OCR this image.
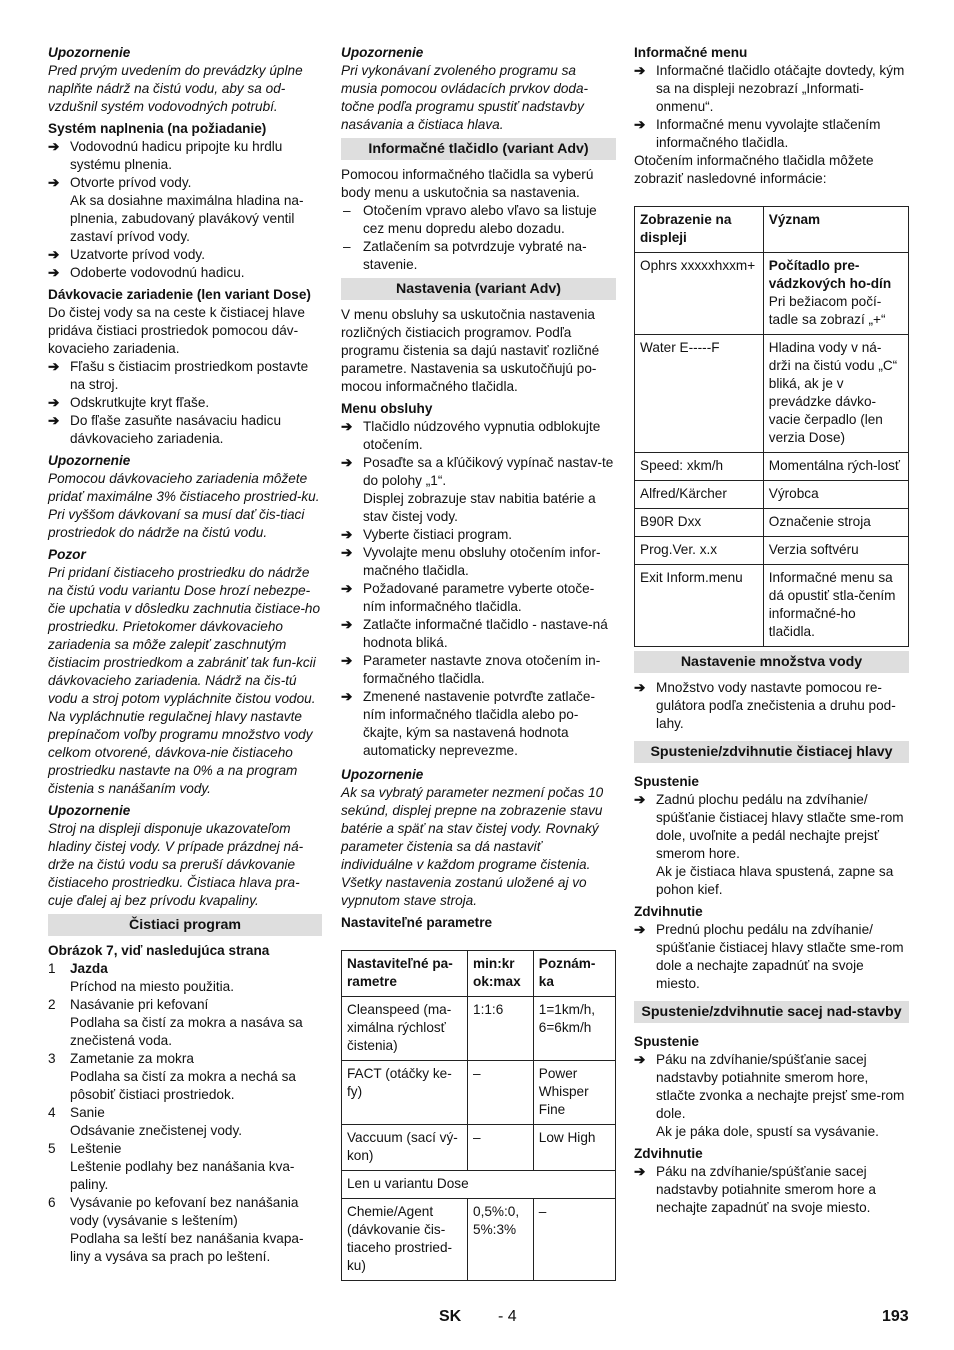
Upozornenie
Pred prvým uvedením do prevádzky úplne naplňte nádrž na čistú vodu, aby sa od-vzdušnil systém vodovodných potrubí.
Systém naplnenia (na požiadanie)
➔ Vodovodnú hadicu pripojte ku hrdlu systému plnenia.
➔ Otvorte prívod vody.
Ak sa dosiahne maximálna hladina na-plnenia, zabudovaný plavákový ventil zastaví prívod vody.
➔ Uzatvorte prívod vody.
➔ Odoberte vodovodnú hadicu.
Dávkovacie zariadenie (len variant Dose)
Do čistej vody sa na ceste k čistiacej hlave pridáva čistiaci prostriedok pomocou dáv-kovacieho zariadenia.
➔ Fľašu s čistiacim prostriedkom postavte na stroj.
➔ Odskrutkujte kryt fľaše.
➔ Do fľaše zasuňte nasávaciu hadicu dávkovacieho zariadenia.
Upozornenie
Pomocou dávkovacieho zariadenia môžete pridať maximálne 3% čistiaceho prostried-ku. Pri vyššom dávkovaní sa musí dať čis-tiaci prostriedok do nádrže na čistú vodu.
Pozor
Pri pridaní čistiaceho prostriedku do nádrže na čistú vodu variantu Dose hrozí nebezpe-čie upchatia v dôsledku zachnutia čistiace-ho prostriedku. Prietokomer dávkovacieho zariadenia sa môže zalepiť zaschnutým čistiacim prostriedkom a zabrániť tak fun-kcii dávkovacieho zariadenia. Nádrž na čis-tú vodu a stroj potom vypláchnite čistou vodou. Na vypláchnutie regulačnej hlavy nastavte prepínačom voľby programu množstvo vody celkom otvorené, dávkova-nie čistiaceho prostriedku nastavte na 0% a na program čistenia s nanášaním vody.
Upozornenie
Stroj na displeji disponuje ukazovateľom hladiny čistej vody. V prípade prázdnej ná-drže na čistú vodu sa preruší dávkovanie čistiaceho prostriedku. Čistiaca hlava pra-cuje ďalej aj bez prívodu kvapaliny.
Čistiaci program
Obrázok 7, viď nasledujúca strana
1 Jazda
Príchod na miesto použitia.
2 Nasávanie pri kefovaní
Podlaha sa čistí za mokra a nasáva sa znečistená voda.
3 Zametanie za mokra
Podlaha sa čistí za mokra a nechá sa pôsobiť čistiaci prostriedok.
4 Sanie
Odsávanie znečistenej vody.
5 Leštenie
Leštenie podlahy bez nanášania kva-paliny.
6 Vysávanie po kefovaní bez nanášania vody (vysávanie s leštením)
Podlaha sa leští bez nanášania kvapa-liny a vysáva sa prach po leštení.
Upozornenie
Pri vykonávaní zvoleného programu sa musia pomocou ovládacích prvkov doda-točne podľa programu spustiť nadstavby nasávania a čistiaca hlava.
Informačné tlačidlo (variant Adv)
Pomocou informačného tlačidla sa vyberú body menu a uskutočnia sa nastavenia.
– Otočením vpravo alebo vľavo sa listuje cez menu dopredu alebo dozadu.
– Zatlačením sa potvrdzuje vybraté na-stavenie.
Nastavenia (variant Adv)
V menu obsluhy sa uskutočnia nastavenia rozličných čistiacich programov. Podľa programu čistenia sa dajú nastaviť rozličné parametre. Nastavenia sa uskutočňujú po-mocou informačného tlačidla.
Menu obsluhy
➔ Tlačidlo núdzového vypnutia odblokujte otočením.
➔ Posaďte sa a kľúčikový vypínač nastav-te do polohy „1“.
Displej zobrazuje stav nabitia batérie a stav čistej vody.
➔ Vyberte čistiaci program.
➔ Vyvolajte menu obsluhy otočením infor-mačného tlačidla.
➔ Požadované parametre vyberte otoče-ním informačného tlačidla.
➔ Zatlačte informačné tlačidlo - nastave-ná hodnota bliká.
➔ Parameter nastavte znova otočením in-formačného tlačidla.
➔ Zmenené nastavenie potvrďte zatlače-ním informačného tlačidla alebo po-čkajte, kým sa nastavená hodnota automaticky neprevezme.
Upozornenie
Ak sa vybratý parameter nezmení počas 10 sekúnd, displej prepne na zobrazenie stavu batérie a späť na stav čistej vody. Rovnaký parameter čistenia sa dá nastaviť individuálne v každom programe čistenia. Všetky nastavenia zostanú uložené aj vo vypnutom stave stroja.
Nastaviteľné parametre
Nastaviteľné pa-rametre	min:kr ok:max	Poznám-ka
Cleanspeed (ma-ximálna rýchlosť čistenia)	1:1:6	1=1km/h, 6=6km/h
FACT (otáčky ke-fy)	–	Power Whisper Fine
Vaccuum (sací vý-kon)	–	Low High
Len u variantu Dose		
Chemie/Agent (dávkovanie čis-tiaceho prostried-ku)	0,5%:0, 5%:3%	–
Informačné menu
➔ Informačné tlačidlo otáčajte dovtedy, kým sa na displeji nezobrazí „Informati-onmenu“.
➔ Informačné menu vyvolajte stlačením informačného tlačidla.
Otočením informačného tlačidla môžete zobraziť nasledovné informácie:
Zobrazenie na displeji	Význam
Ophrs xxxxxhxxm+	Počítadlo pre-vádzkových ho-dín
Pri bežiacom počí-tadle sa zobrazí „+“

Water E-----F	Hladina vody v ná-drži na čistú vodu „C“ bliká, ak je v prevádzke dávko-vacie čerpadlo (len verzia Dose)

Speed: xkm/h	Momentálna rých-losť

Alfred/Kärcher	Výrobca

B90R Dxx	Označenie stroja

Prog.Ver. x.x	Verzia softvéru

Exit Inform.menu	Informačné menu sa dá opustiť stla-čením informačné-ho tlačidla.
Nastavenie množstva vody
➔ Množstvo vody nastavte pomocou re-gulátora podľa znečistenia a druhu pod-lahy.
Spustenie/zdvihnutie čistiacej hlavy
Spustenie
➔ Zadnú plochu pedálu na zdvíhanie/ spúšťanie čistiacej hlavy stlačte sme-rom dole, uvoľnite a pedál nechajte prejsť smerom hore.
Ak je čistiaca hlava spustená, zapne sa pohon kief.
Zdvihnutie
➔ Prednú plochu pedálu na zdvíhanie/ spúšťanie čistiacej hlavy stlačte sme-rom dole a nechajte zapadnúť na svoje miesto.
Spustenie/zdvihnutie sacej nad-stavby
Spustenie
➔ Páku na zdvíhanie/spúšťanie sacej nadstavby potiahnite smerom hore, stlačte zvonka a nechajte prejsť sme-rom dole.
Ak je páka dole, spustí sa vysávanie.
Zdvihnutie
➔ Páku na zdvíhanie/spúšťanie sacej nadstavby potiahnite smerom hore a nechajte zapadnúť na svoje miesto.
SK - 4	193
